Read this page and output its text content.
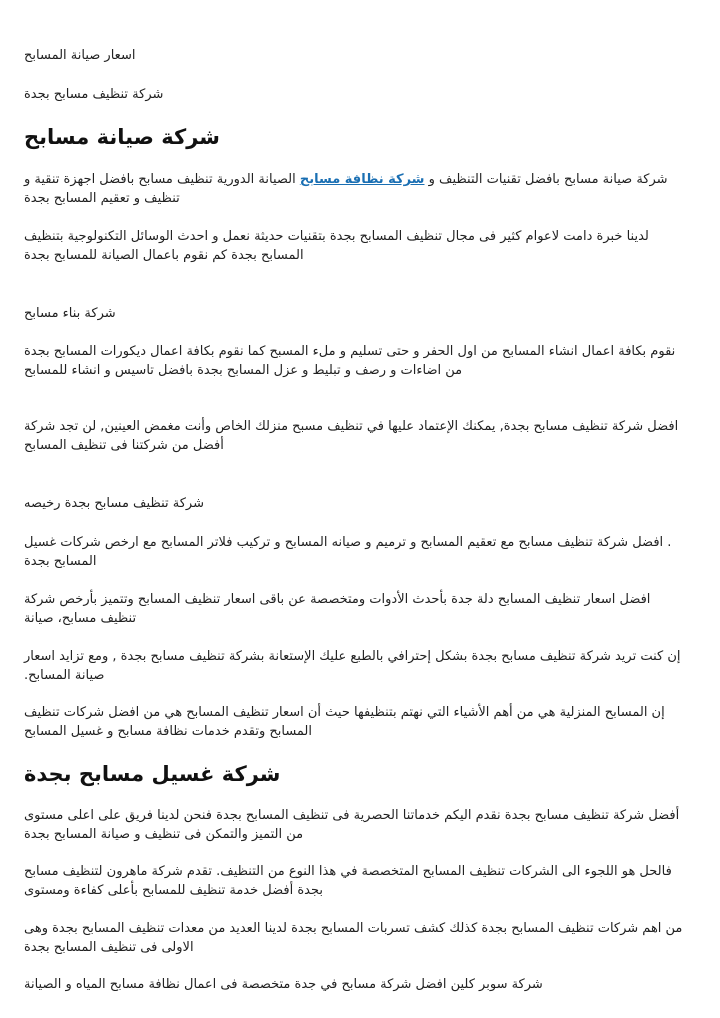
اسعار صيانة المسابح

شركة تنظيف مسابح بجدة

شركة صيانة مسابح

شركة صيانة مسابح بافضل تقنيات التنظيف و شركة نظافة مسابح الصيانة الدورية تنظيف مسابح بافضل اجهزة تنقية و تنظيف و تعقيم المسابح بجدة

لدينا خبرة دامت لاعوام كثير فى مجال تنظيف المسابح بجدة بتقنيات حديثة نعمل و احدث الوسائل التكنولوجية بتنظيف المسابح بجدة كم نقوم باعمال الصيانة للمسابح بجدة

شركة بناء مسابح

نقوم بكافة اعمال انشاء المسابح من اول الحفر و حتى تسليم و ملء المسبح كما نقوم بكافة اعمال ديكورات المسابح بجدة من اضاءات و رصف و تبليط و عزل المسابح بجدة بافضل تاسيس و انشاء للمسابح

افضل شركة تنظيف مسابح بجدة, يمكنك الإعتماد عليها في تنظيف مسبح منزلك الخاص وأنت مغمض العينين, لن تجد شركة أفضل من شركتنا فى تنظيف المسابح

شركة تنظيف مسابح بجدة رخيصه

. افضل شركة تنظيف مسابح مع تعقيم المسابح و ترميم و صيانه المسابح و تركيب فلاتر المسابح مع ارخص شركات غسيل المسابح بجدة

افضل اسعار تنظيف المسابح دلة جدة بأحدث الأدوات ومتخصصة عن باقى اسعار تنظيف المسابح وتتميز بأرخص شركة تنظيف مسابح، صيانة

إن كنت تريد شركة تنظيف مسابح بجدة بشكل إحترافي بالطبع عليك الإستعانة بشركة تنظيف مسابح بجدة , ومع تزايد اسعار صيانة المسابح.

إن المسابح المنزلية هي من أهم الأشياء التي نهتم بتنظيفها حيث أن اسعار تنظيف المسابح هي من افضل شركات تنظيف المسابح وتقدم خدمات نظافة مسابح و غسيل المسابح

شركة غسيل مسابح بجدة

أفضل شركة تنظيف مسابح بجدة نقدم اليكم خدماتنا الحصرية فى تنظيف المسابح بجدة فنحن لدينا فريق على اعلى مستوى من التميز والتمكن فى تنظيف و صيانة المسابح بجدة

فالحل هو اللجوء الى الشركات تنظيف المسابح المتخصصة في هذا النوع من التنظيف. تقدم شركة ماهرون لتنظيف مسابح بجدة أفضل خدمة تنظيف للمسابح بأعلى كفاءة ومستوى

من اهم شركات تنظيف المسابح بجدة كذلك كشف تسربات المسابح بجدة لدينا العديد من معدات تنظيف المسابح بجدة وهى الاولى فى تنظيف المسابح بجدة

شركة سوبر كلين افضل شركة مسابح في جدة متخصصة فى اعمال نظافة مسابح المياه و الصيانة
